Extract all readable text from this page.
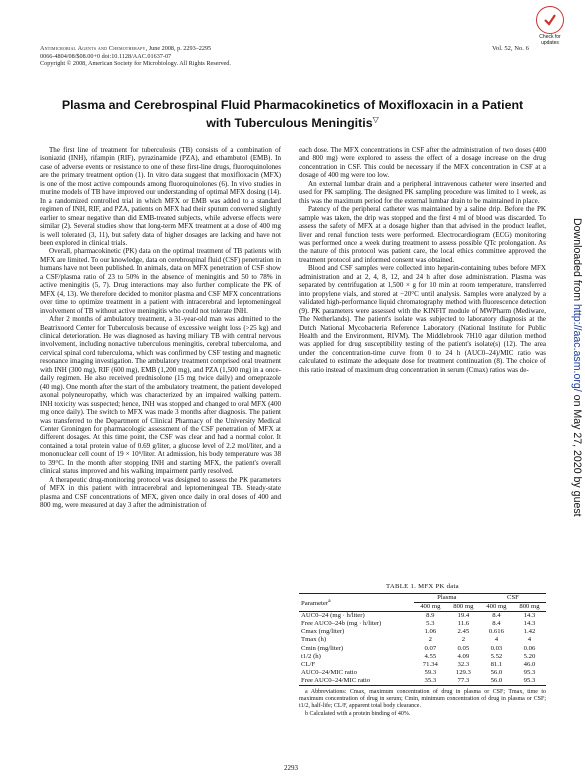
Antimicrobial Agents and Chemotherapy, June 2008, p. 2293–2295
0066-4804/08/$08.00+0 doi:10.1128/AAC.01637-07
Copyright © 2008, American Society for Microbiology. All Rights Reserved.
Vol. 52, No. 6
Check for updates
Plasma and Cerebrospinal Fluid Pharmacokinetics of Moxifloxacin in a Patient
with Tuberculous Meningitis▽

The first line of treatment for tuberculosis (TB) consists of a combination of isoniazid (INH), rifampin (RIF), pyrazinamide (PZA), and ethambutol (EMB). In case of adverse events or resistance to one of these first-line drugs, fluoroquinolones are the primary treatment option (1). In vitro data suggest that moxifloxacin (MFX) is one of the most active compounds among fluoroquinolones (6). In vivo studies in murine models of TB have improved our understanding of optimal MFX dosing (14). In a randomized controlled trial in which MFX or EMB was added to a standard regimen of INH, RIF, and PZA, patients on MFX had their sputum converted slightly earlier to smear negative than did EMB-treated subjects, while adverse effects were similar (2). Several studies show that long-term MFX treatment at a dose of 400 mg is well tolerated (3, 11), but safety data of higher dosages are lacking and have not been explored in clinical trials.

Overall, pharmacokinetic (PK) data on the optimal treatment of TB patients with MFX are limited. To our knowledge, data on cerebrospinal fluid (CSF) penetration in humans have not been published. In animals, data on MFX penetration of CSF show a CSF/plasma ratio of 23 to 50% in the absence of meningitis and 50 to 78% in active meningitis (5, 7). Drug interactions may also further complicate the PK of MFX (4, 13). We therefore decided to monitor plasma and CSF MFX concentrations over time to optimize treatment in a patient with intracerebral and leptomeningeal involvement of TB without active meningitis who could not tolerate INH.

After 2 months of ambulatory treatment, a 31-year-old man was admitted to the Beatrixoord Center for Tuberculosis because of excessive weight loss (>25 kg) and clinical deterioration. He was diagnosed as having miliary TB with central nervous involvement, including nonactive tuberculous meningitis, cerebral tuberculoma, and cervical spinal cord tuberculoma, which was confirmed by CSF testing and magnetic resonance imaging investigation. The ambulatory treatment comprised oral treatment with INH (300 mg), RIF (600 mg), EMB (1,200 mg), and PZA (1,500 mg) in a once-daily regimen. He also received prednisolone (15 mg twice daily) and omeprazole (40 mg). One month after the start of the ambulatory treatment, the patient developed axonal polyneuropathy, which was characterized by an impaired walking pattern. INH toxicity was suspected; hence, INH was stopped and changed to oral MFX (400 mg once daily). The switch to MFX was made 3 months after diagnosis. The patient was transferred to the Department of Clinical Pharmacy of the University Medical Center Groningen for pharmacologic assessment of the CSF penetration of MFX at different dosages. At this time point, the CSF was clear and had a normal color. It contained a total protein value of 0.69 g/liter, a glucose level of 2.2 mol/liter, and a mononuclear cell count of 19 × 10⁶/liter. At admission, his body temperature was 38 to 39°C. In the month after stopping INH and starting MFX, the patient's overall clinical status improved and his walking impairment partly resolved.

A therapeutic drug-monitoring protocol was designed to assess the PK parameters of MFX in this patient with intracerebral and leptomeningeal TB. Steady-state plasma and CSF concentrations of MFX, given once daily in oral doses of 400 and 800 mg, were measured at day 3 after the administration of

each dose. The MFX concentrations in CSF after the administration of two doses (400 and 800 mg) were explored to assess the effect of a dosage increase on the drug concentration in CSF. This could be necessary if the MFX concentration in CSF at a dosage of 400 mg were too low.

An external lumbar drain and a peripheral intravenous catheter were inserted and used for PK sampling. The designed PK sampling procedure was limited to 1 week, as this was the maximum period for the external lumbar drain to be maintained in place.

Patency of the peripheral catheter was maintained by a saline drip. Before the PK sample was taken, the drip was stopped and the first 4 ml of blood was discarded. To assess the safety of MFX at a dosage higher than that advised in the product leaflet, liver and renal function tests were performed. Electrocardiogram (ECG) monitoring was performed once a week during treatment to assess possible QTc prolongation. As the nature of this protocol was patient care, the local ethics committee approved the treatment protocol and informed consent was obtained.

Blood and CSF samples were collected into heparin-containing tubes before MFX administration and at 2, 4, 8, 12, and 24 h after dose administration. Plasma was separated by centrifugation at 1,500 × g for 10 min at room temperature, transferred into propylene vials, and stored at −20°C until analysis. Samples were analyzed by a validated high-performance liquid chromatography method with fluorescence detection (9). PK parameters were assessed with the KINFIT module of MWPharm (Mediware, The Netherlands). The patient's isolate was subjected to laboratory diagnosis at the Dutch National Mycobacteria Reference Laboratory (National Institute for Public Health and the Environment, RIVM). The Middlebrook 7H10 agar dilution method was applied for drug susceptibility testing of the patient's isolate(s) (12). The area under the concentration-time curve from 0 to 24 h (AUC0–24)/MIC ratio was calculated to estimate the adequate dose for treatment continuation (8). The choice of this ratio instead of maximum drug concentration in serum (Cmax) ratios was de-

TABLE 1. MFX PK data
Parameter$^a$	Plasma		CSF	
	400 mg	800 mg	400 mg	800 mg
AUC0–24 (mg · h/liter)	8.9	19.4	8.4	14.3
Free AUC0–24b (mg · h/liter)	5.3	11.6	8.4	14.3
Cmax (mg/liter)	1.06	2.45	0.616	1.42
Tmax (h)	2	2	4	4
Cmin (mg/liter)	0.07	0.05	0.03	0.06
t1/2 (h)	4.55	4.09	5.52	5.20
CL/F	71.34	32.3	81.1	46.0
AUC0–24/MIC ratio	59.3	129.3	56.0	95.3
Free AUC0–24/MIC ratio	35.3	77.3	56.0	95.3
a Abbreviations: Cmax, maximum concentration of drug in plasma or CSF; Tmax, time to maximum concentration of drug in serum; Cmin, minimum concentration of drug in plasma or CSF; t1/2, half-life; CL/F, apparent total body clearance.
b Calculated with a protein binding of 40%.
2293
Downloaded from http://aac.asm.org/ on May 27, 2020 by guest
